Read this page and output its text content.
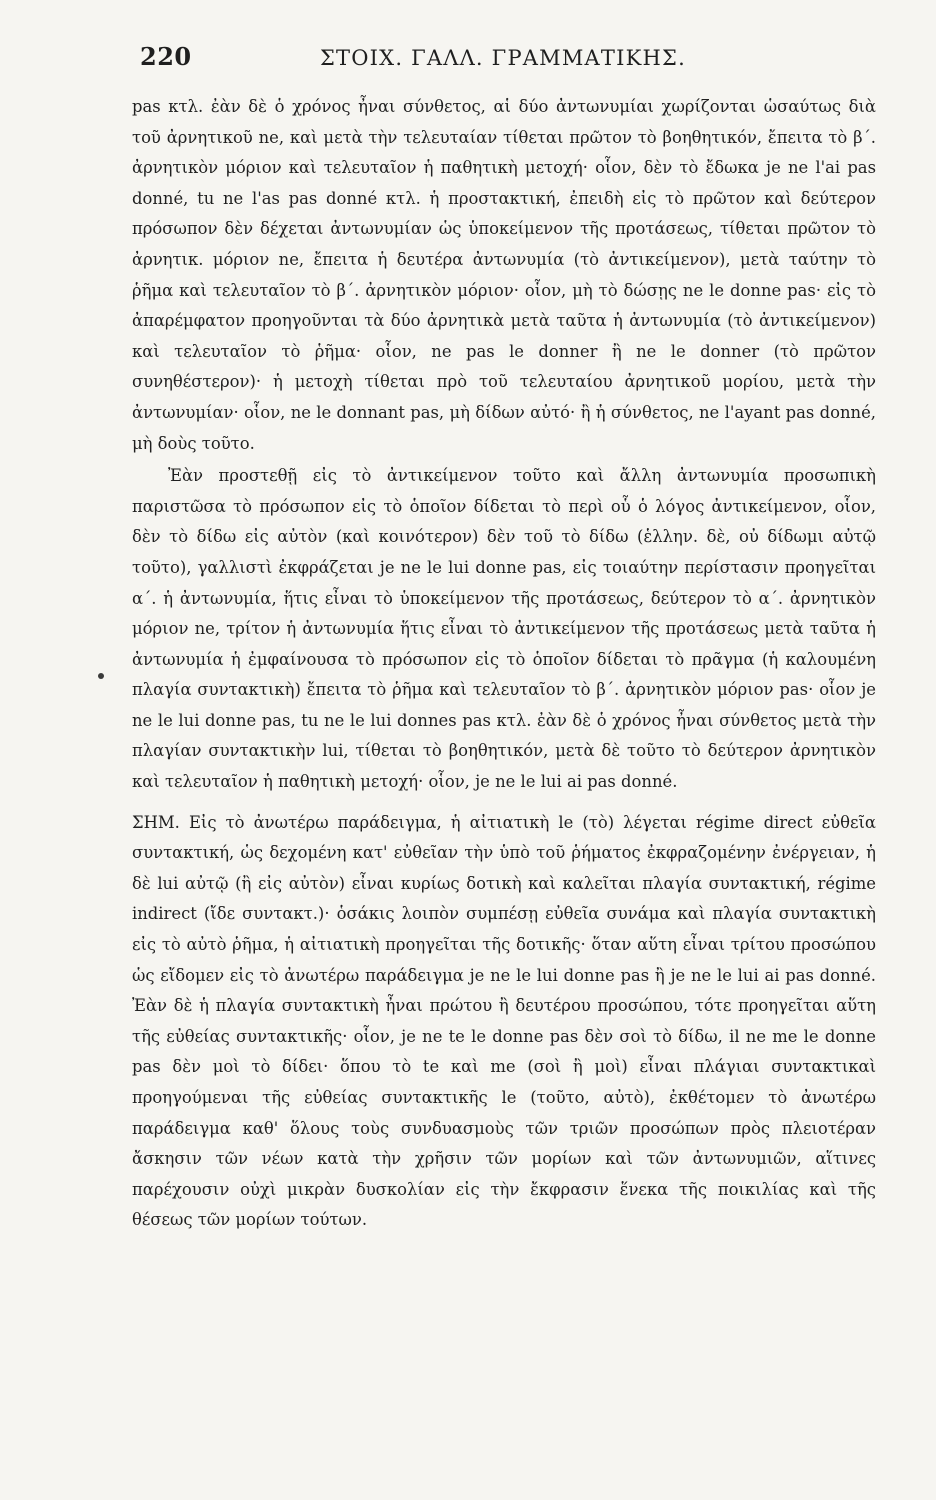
220	ΣΤΟΙΧ. ΓΑΛΛ. ΓΡΑΜΜΑΤΙΚΗΣ.

pas κτλ. ἐὰν δὲ ὁ χρόνος ἦναι σύνθετος, αἱ δύο ἀντωνυμίαι χωρίζονται ὡσαύτως διὰ τοῦ ἀρνητικοῦ ne, καὶ μετὰ τὴν τελευταίαν τίθεται πρῶτον τὸ βοηθητικόν, ἔπειτα τὸ β΄. ἀρνητικὸν μόριον καὶ τελευταῖον ἡ παθητικὴ μετοχή· οἷον, δὲν τὸ ἔδωκα je ne l'ai pas donné, tu ne l'as pas donné κτλ. ἡ προστακτική, ἐπειδὴ εἰς τὸ πρῶτον καὶ δεύτερον πρόσωπον δὲν δέχεται ἀντωνυμίαν ὡς ὑποκείμενον τῆς προτάσεως, τίθεται πρῶτον τὸ ἀρνητικ. μόριον ne, ἔπειτα ἡ δευτέρα ἀντωνυμία (τὸ ἀντικείμενον), μετὰ ταύτην τὸ ῥῆμα καὶ τελευταῖον τὸ β΄. ἀρνητικὸν μόριον· οἷον, μὴ τὸ δώσῃς ne le donne pas· εἰς τὸ ἀπαρέμφατον προηγοῦνται τὰ δύο ἀρνητικὰ μετὰ ταῦτα ἡ ἀντωνυμία (τὸ ἀντικείμενον) καὶ τελευταῖον τὸ ῥῆμα· οἷον, ne pas le donner ἢ ne le donner (τὸ πρῶτον συνηθέστερον)· ἡ μετοχὴ τίθεται πρὸ τοῦ τελευταίου ἀρνητικοῦ μορίου, μετὰ τὴν ἀντωνυμίαν· οἷον, ne le donnant pas, μὴ δίδων αὐτό· ἢ ἡ σύνθετος, ne l'ayant pas donné, μὴ δοὺς τοῦτο.

Ἐὰν προστεθῇ εἰς τὸ ἀντικείμενον τοῦτο καὶ ἄλλη ἀντωνυμία προσωπικὴ παριστῶσα τὸ πρόσωπον εἰς τὸ ὁποῖον δίδεται τὸ περὶ οὗ ὁ λόγος ἀντικείμενον, οἷον, δὲν τὸ δίδω εἰς αὐτὸν (καὶ κοινότερον) δὲν τοῦ τὸ δίδω (ἑλλην. δὲ, οὐ δίδωμι αὐτῷ τοῦτο), γαλλιστὶ ἐκφράζεται je ne le lui donne pas, εἰς τοιαύτην περίστασιν προηγεῖται α΄. ἡ ἀντωνυμία, ἥτις εἶναι τὸ ὑποκείμενον τῆς προτάσεως, δεύτερον τὸ α΄. ἀρνητικὸν μόριον ne, τρίτον ἡ ἀντωνυμία ἥτις εἶναι τὸ ἀντικείμενον τῆς προτάσεως μετὰ ταῦτα ἡ ἀντωνυμία ἡ ἐμφαίνουσα τὸ πρόσωπον εἰς τὸ ὁποῖον δίδεται τὸ πρᾶγμα (ἡ καλουμένη πλαγία συντακτικὴ) ἔπειτα τὸ ῥῆμα καὶ τελευταῖον τὸ β΄. ἀρνητικὸν μόριον pas· οἷον je ne le lui donne pas, tu ne le lui donnes pas κτλ. ἐὰν δὲ ὁ χρόνος ἦναι σύνθετος μετὰ τὴν πλαγίαν συντακτικὴν lui, τίθεται τὸ βοηθητικόν, μετὰ δὲ τοῦτο τὸ δεύτερον ἀρνητικὸν καὶ τελευταῖον ἡ παθητικὴ μετοχή· οἷον, je ne le lui ai pas donné.

ΣΗΜ. Εἰς τὸ ἀνωτέρω παράδειγμα, ἡ αἰτιατικὴ le (τὸ) λέγεται régime direct εὐθεῖα συντακτική, ὡς δεχομένη κατ' εὐθεῖαν τὴν ὑπὸ τοῦ ῥήματος ἐκφραζομένην ἐνέργειαν, ἡ δὲ lui αὐτῷ (ἢ εἰς αὐτὸν) εἶναι κυρίως δοτικὴ καὶ καλεῖται πλαγία συντακτική, régime indirect (ἴδε συντακτ.)· ὁσάκις λοιπὸν συμπέσῃ εὐθεῖα συνάμα καὶ πλαγία συντακτικὴ εἰς τὸ αὐτὸ ῥῆμα, ἡ αἰτιατικὴ προηγεῖται τῆς δοτικῆς· ὅταν αὕτη εἶναι τρίτου προσώπου ὡς εἴδομεν εἰς τὸ ἀνωτέρω παράδειγμα je ne le lui donne pas ἢ je ne le lui ai pas donné. Ἐὰν δὲ ἡ πλαγία συντακτικὴ ἦναι πρώτου ἢ δευτέρου προσώπου, τότε προηγεῖται αὕτη τῆς εὐθείας συντακτικῆς· οἷον, je ne te le donne pas δὲν σοὶ τὸ δίδω, il ne me le donne pas δὲν μοὶ τὸ δίδει· ὅπου τὸ te καὶ me (σοὶ ἢ μοὶ) εἶναι πλάγιαι συντακτικαὶ προηγούμεναι τῆς εὐθείας συντακτικῆς le (τοῦτο, αὐτὸ), ἐκθέτομεν τὸ ἀνωτέρω παράδειγμα καθ' ὅλους τοὺς συνδυασμοὺς τῶν τριῶν προσώπων πρὸς πλειοτέραν ἄσκησιν τῶν νέων κατὰ τὴν χρῆσιν τῶν μορίων καὶ τῶν ἀντωνυμιῶν, αἵτινες παρέχουσιν οὐχὶ μικρὰν δυσκολίαν εἰς τὴν ἔκφρασιν ἕνεκα τῆς ποικιλίας καὶ τῆς θέσεως τῶν μορίων τούτων.
